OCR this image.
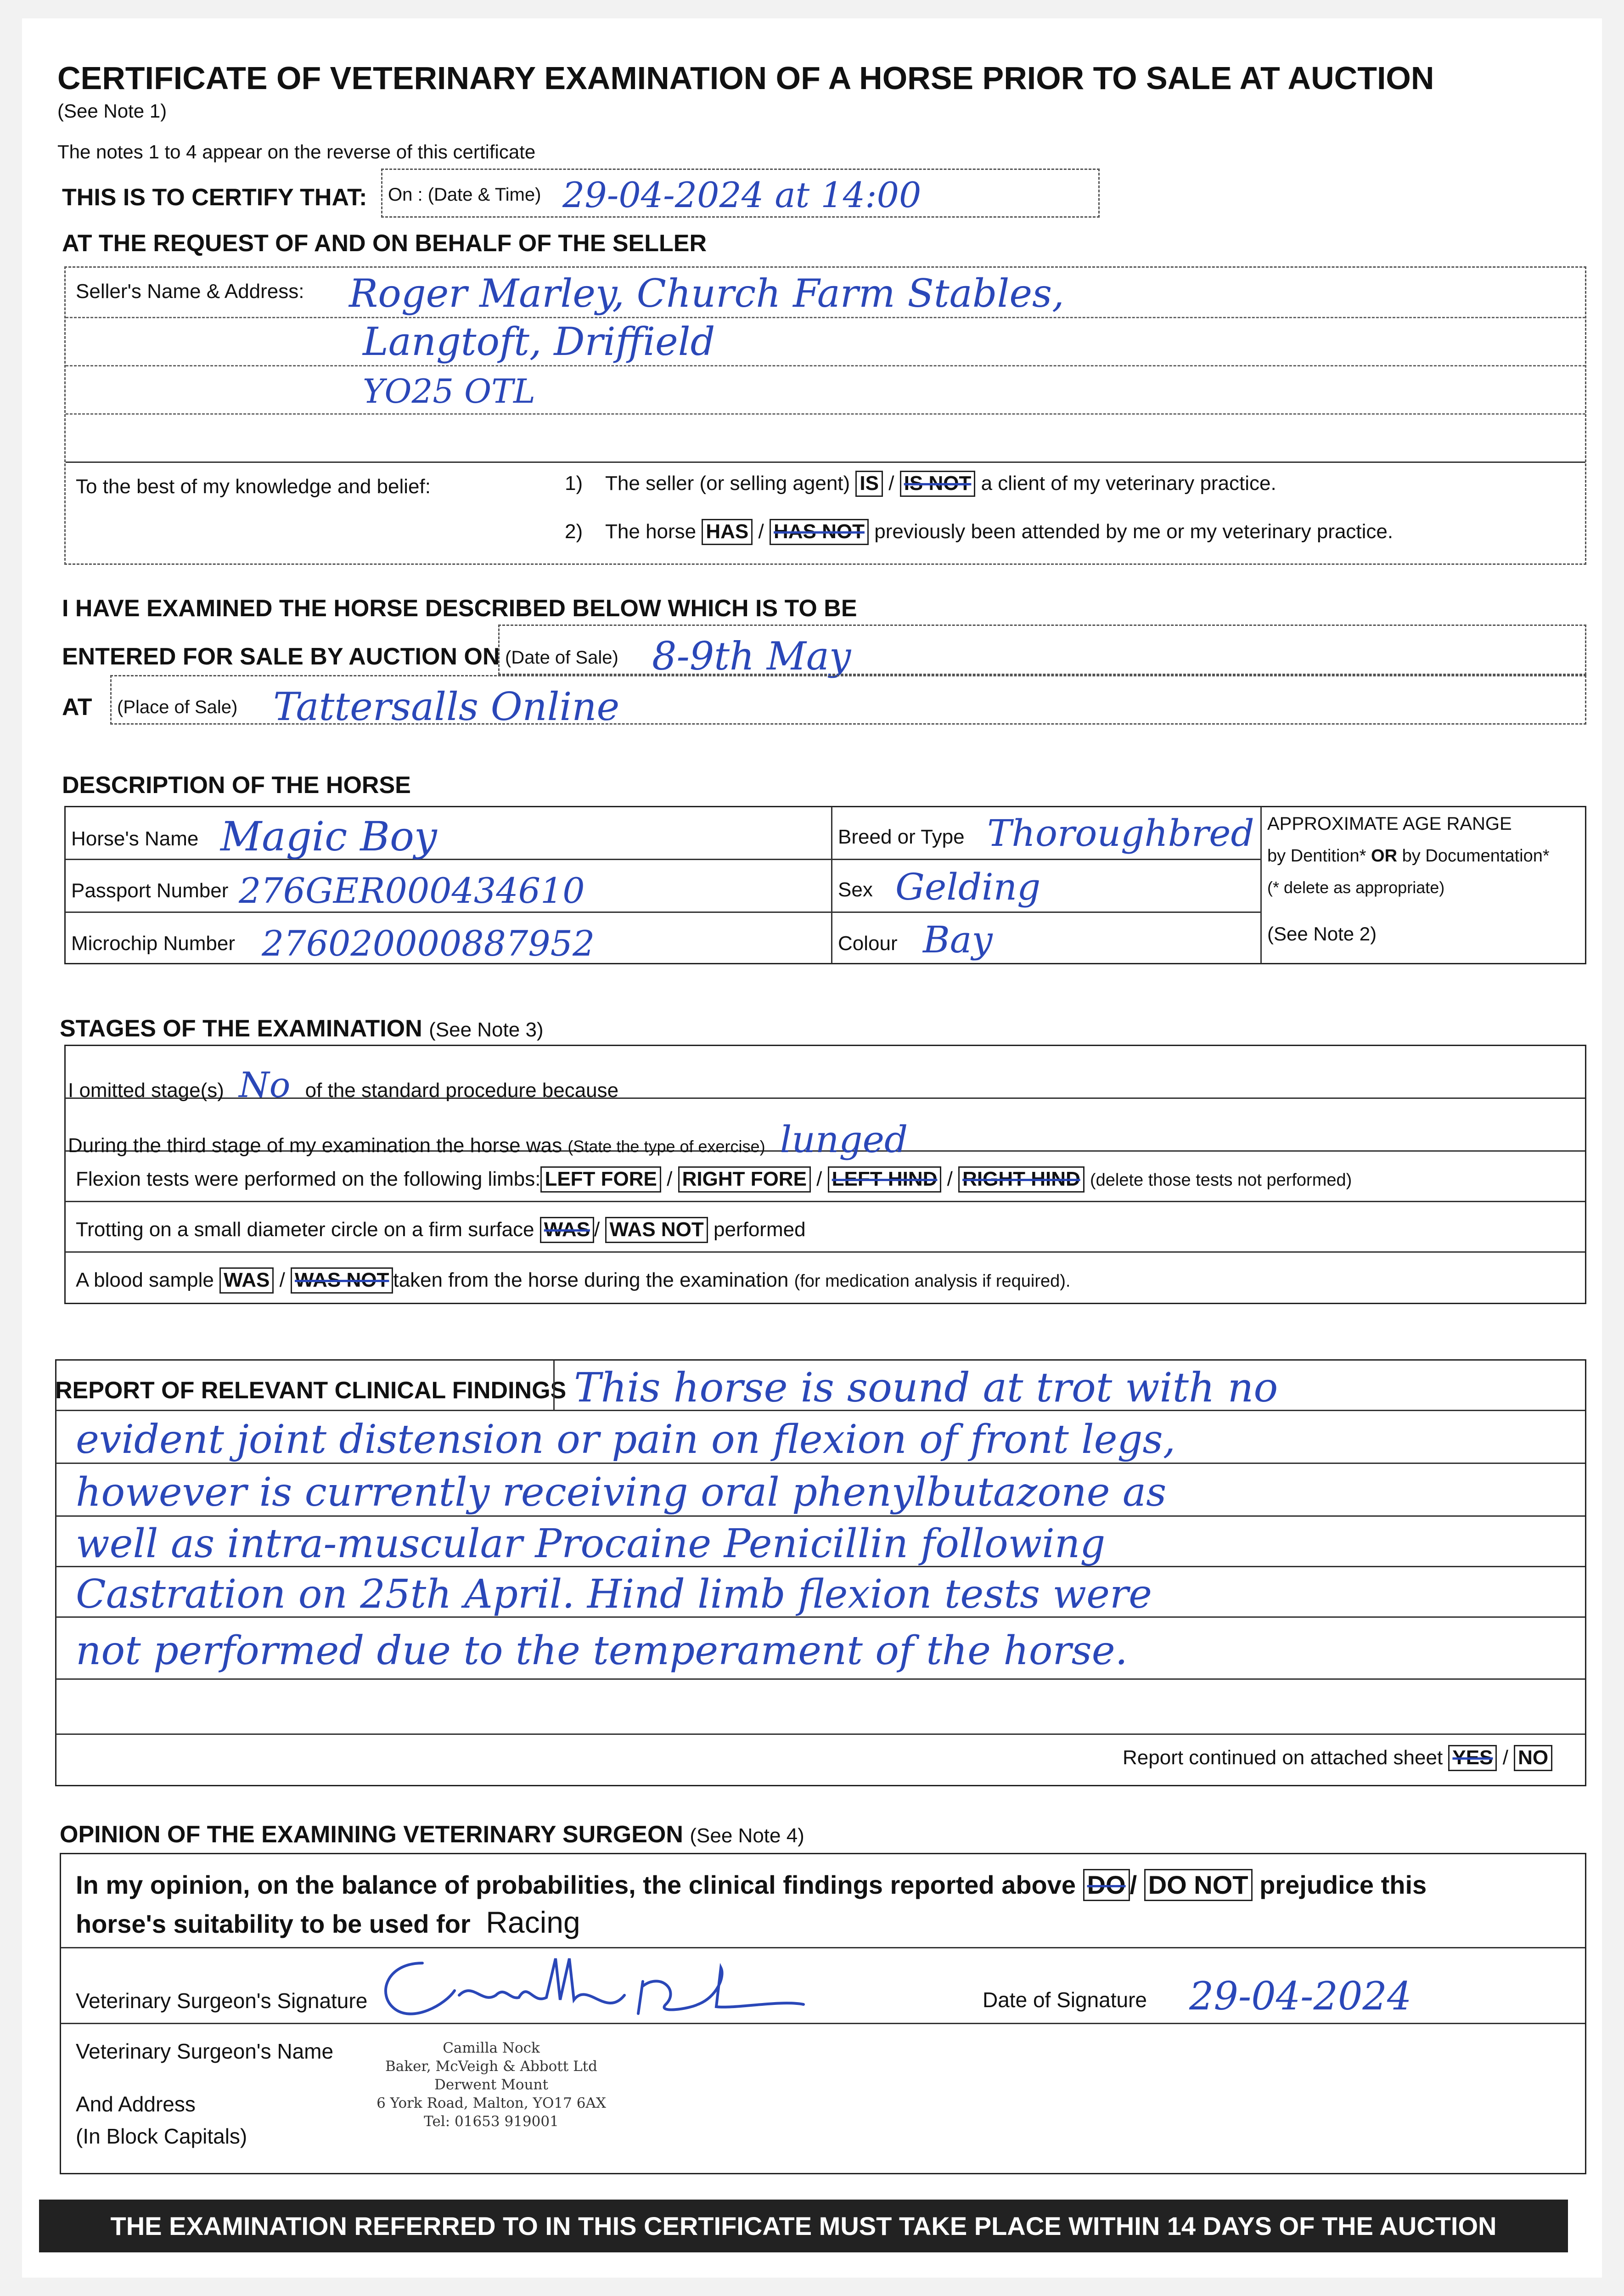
CERTIFICATE OF VETERINARY EXAMINATION OF A HORSE PRIOR TO SALE AT AUCTION
(See Note 1)
The notes 1 to 4 appear on the reverse of this certificate
THIS IS TO CERTIFY THAT: On : (Date & Time) 29-04-2024 at 14:00
AT THE REQUEST OF AND ON BEHALF OF THE SELLER
Seller's Name & Address: Roger Marley, Church Farm Stables,
Langtoft, Driffield
YO25 OTL
To the best of my knowledge and belief:	1) The seller (or selling agent) IS / IS NOT a client of my veterinary practice.
2) The horse HAS / HAS NOT previously been attended by me or my veterinary practice.
I HAVE EXAMINED THE HORSE DESCRIBED BELOW WHICH IS TO BE
ENTERED FOR SALE BY AUCTION ON (Date of Sale) 8-9th May
AT (Place of Sale) Tattersalls Online
DESCRIPTION OF THE HORSE
Horse's Name Magic Boy
Passport Number 276GER000434610
Microchip Number 276020000887952
Breed or Type Thoroughbred
Sex Gelding
Colour Bay
APPROXIMATE AGE RANGE
by Dentition* OR by Documentation*
(* delete as appropriate)
(See Note 2)
STAGES OF THE EXAMINATION (See Note 3)
I omitted stage(s) No of the standard procedure because
During the third stage of my examination the horse was (State the type of exercise) lunged
Flexion tests were performed on the following limbs: LEFT FORE / RIGHT FORE / LEFT HIND / RIGHT HIND (delete those tests not performed)
Trotting on a small diameter circle on a firm surface WAS / WAS NOT performed
A blood sample WAS / WAS NOT taken from the horse during the examination (for medication analysis if required).
REPORT OF RELEVANT CLINICAL FINDINGS This horse is sound at trot with no
evident joint distension or pain on flexion of front legs,
however is currently receiving oral phenylbutazone as
well as intra-muscular Procaine Penicillin following
Castration on 25th April. Hind limb flexion tests were
not performed due to the temperament of the horse.
Report continued on attached sheet YES / NO
OPINION OF THE EXAMINING VETERINARY SURGEON (See Note 4)
In my opinion, on the balance of probabilities, the clinical findings reported above DO / DO NOT prejudice this
horse's suitability to be used for Racing
Veterinary Surgeon's Signature	Date of Signature 29-04-2024
Veterinary Surgeon's Name
And Address
(In Block Capitals)
Camilla Nock
Baker, McVeigh & Abbott Ltd
Derwent Mount
6 York Road, Malton, YO17 6AX
Tel: 01653 919001
THE EXAMINATION REFERRED TO IN THIS CERTIFICATE MUST TAKE PLACE WITHIN 14 DAYS OF THE AUCTION
